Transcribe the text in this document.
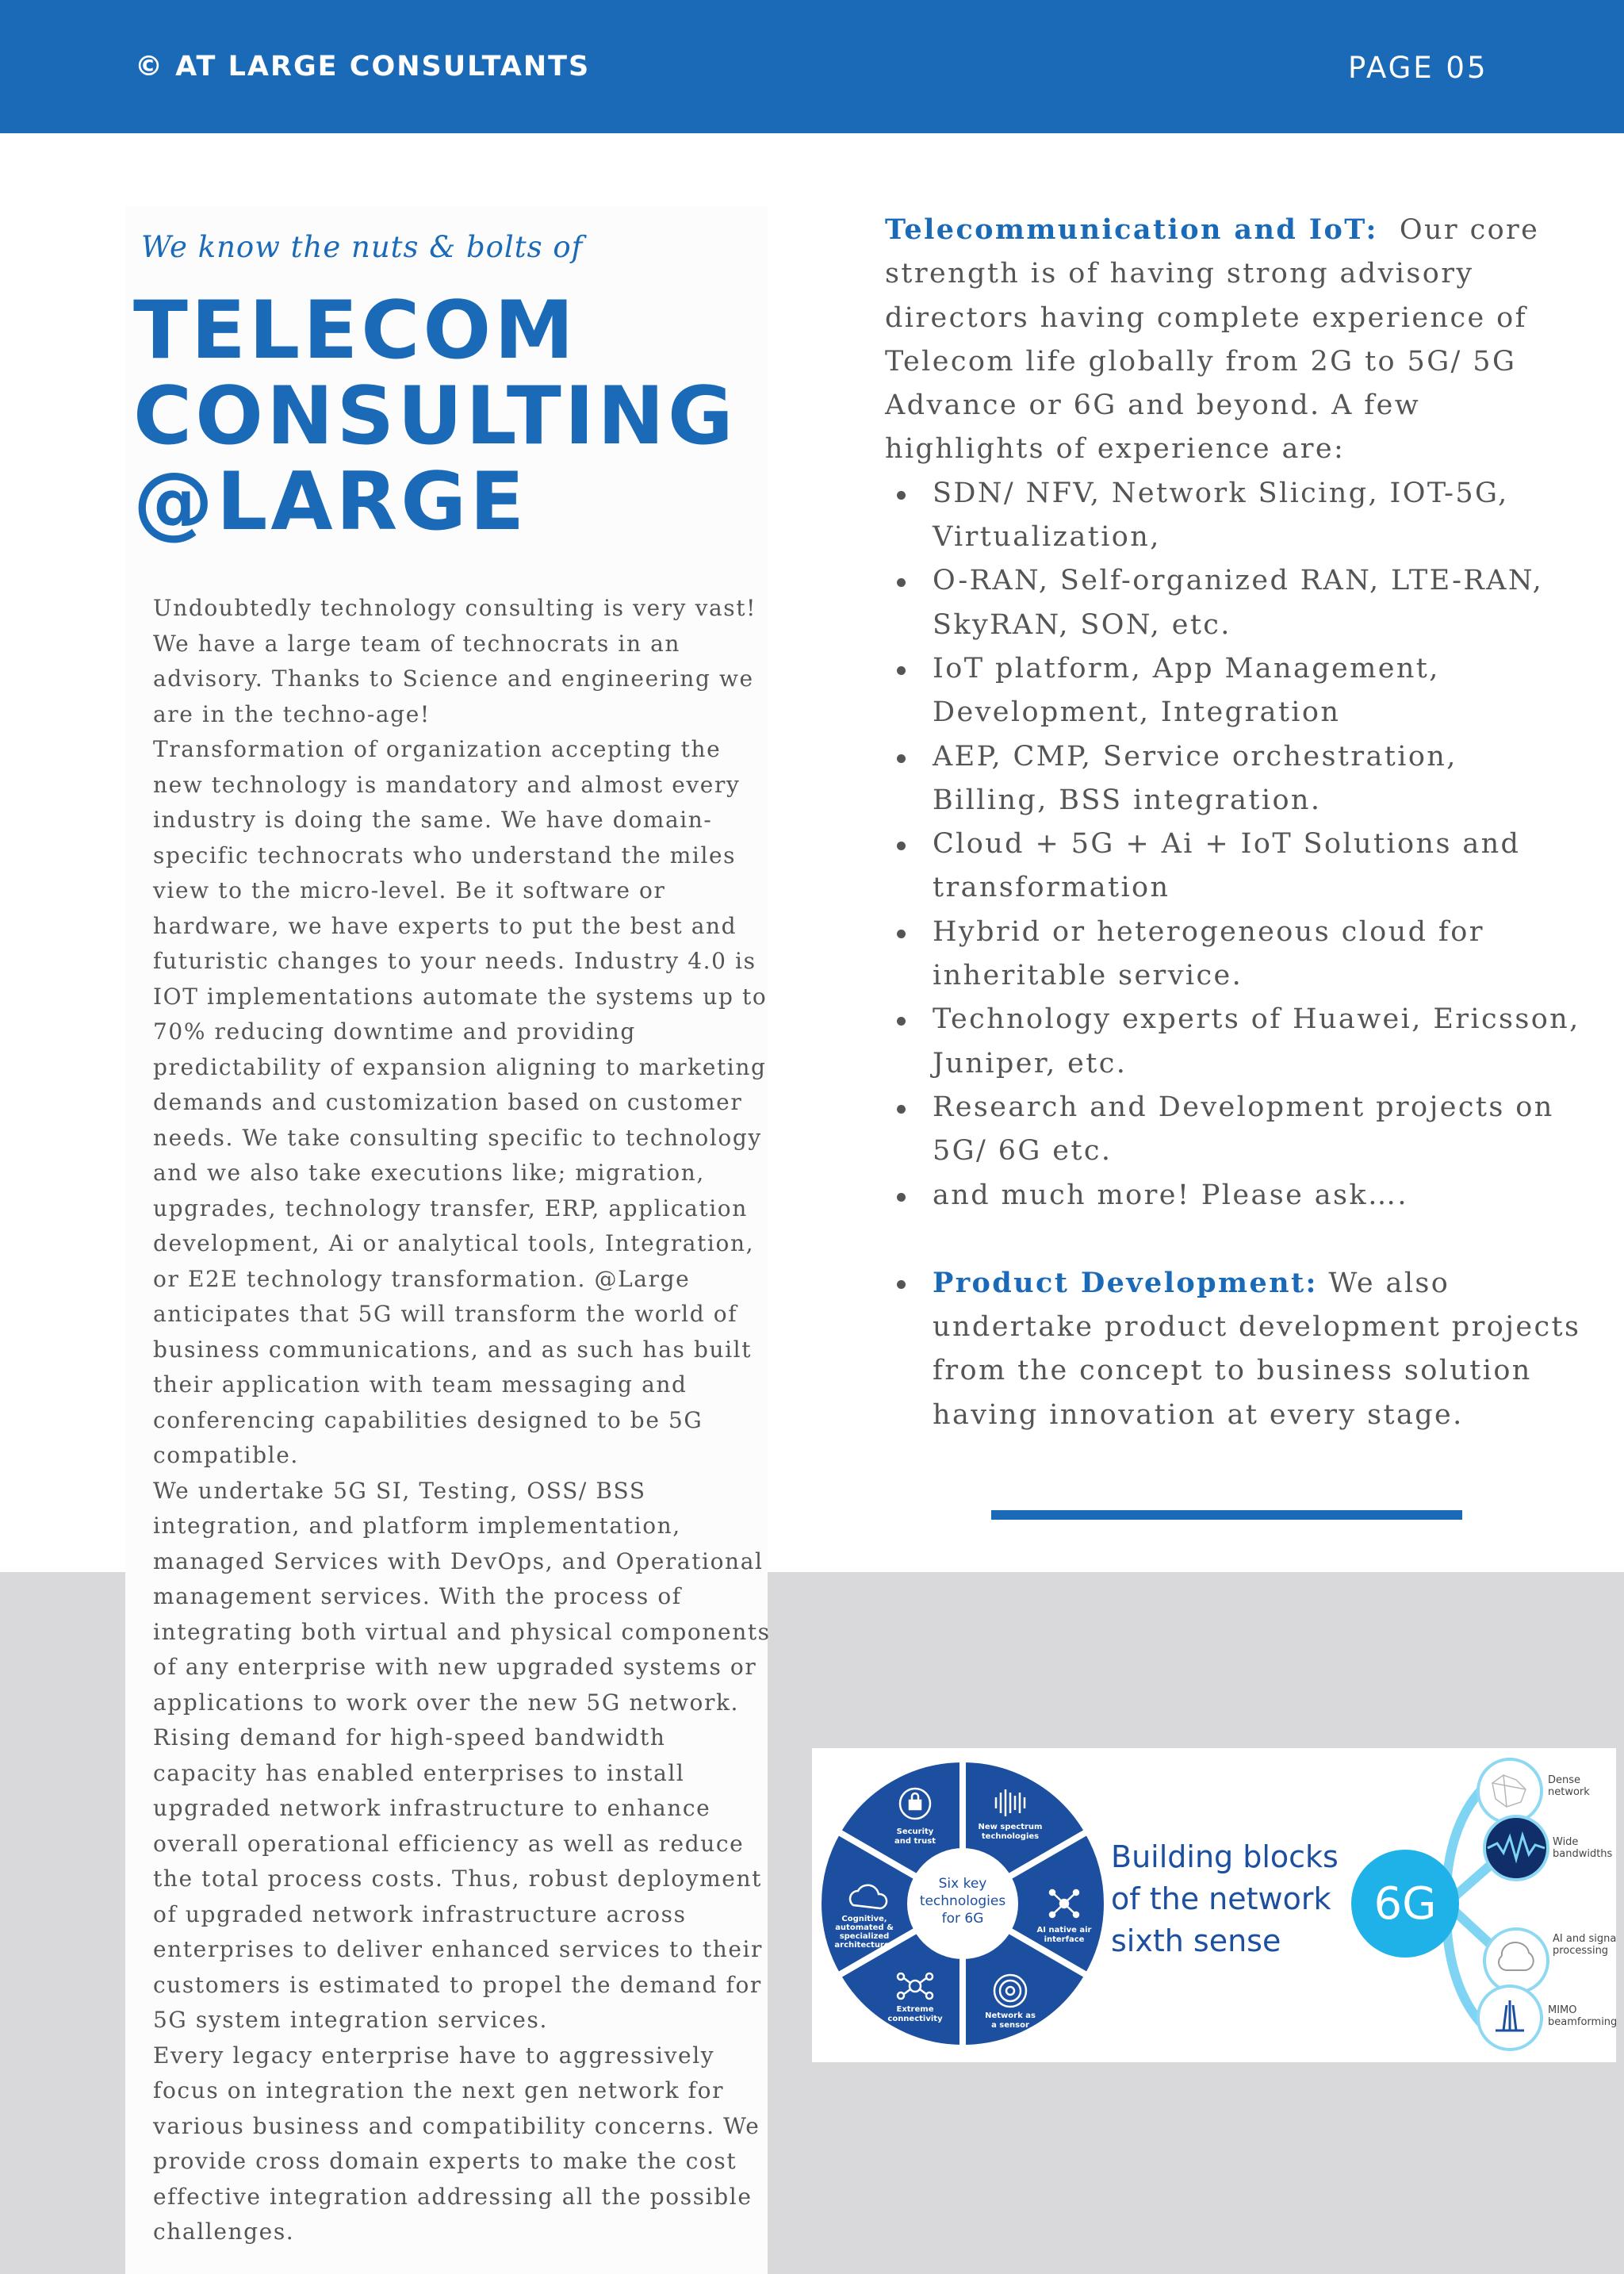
© AT LARGE CONSULTANTS	PAGE 05
We know the nuts & bolts of
TELECOM
CONSULTING
@LARGE

Undoubtedly technology consulting is very vast! We have a large team of technocrats in an advisory. Thanks to Science and engineering we are in the techno-age!

Transformation of organization accepting the new technology is mandatory and almost every industry is doing the same. We have domain-specific technocrats who understand the miles view to the micro-level. Be it software or hardware, we have experts to put the best and futuristic changes to your needs. Industry 4.0 is IOT implementations automate the systems up to 70% reducing downtime and providing predictability of expansion aligning to marketing demands and customization based on customer needs. We take consulting specific to technology and we also take executions like; migration, upgrades, technology transfer, ERP, application development, Ai or analytical tools, Integration, or E2E technology transformation. @Large anticipates that 5G will transform the world of business communications, and as such has built their application with team messaging and conferencing capabilities designed to be 5G compatible.

We undertake 5G SI, Testing, OSS/ BSS integration, and platform implementation, managed Services with DevOps, and Operational management services. With the process of integrating both virtual and physical components of any enterprise with new upgraded systems or applications to work over the new 5G network. Rising demand for high-speed bandwidth capacity has enabled enterprises to install upgraded network infrastructure to enhance overall operational efficiency as well as reduce the total process costs. Thus, robust deployment of upgraded network infrastructure across enterprises to deliver enhanced services to their customers is estimated to propel the demand for 5G system integration services.

Every legacy enterprise have to aggressively focus on integration the next gen network for various business and compatibility concerns. We provide cross domain experts to make the cost effective integration addressing all the possible challenges.

Telecommunication and IoT: Our core strength is of having strong advisory directors having complete experience of Telecom life globally from 2G to 5G/ 5G Advance or 6G and beyond. A few highlights of experience are:

SDN/ NFV, Network Slicing, IOT-5G, Virtualization,
O-RAN, Self-organized RAN, LTE-RAN, SkyRAN, SON, etc.
IoT platform, App Management, Development, Integration
AEP, CMP, Service orchestration, Billing, BSS integration.
Cloud + 5G + Ai + IoT Solutions and transformation
Hybrid or heterogeneous cloud for inheritable service.
Technology experts of Huawei, Ericsson, Juniper, etc.
Research and Development projects on 5G/ 6G etc.
and much more! Please ask….
Product Development: We also undertake product development projects from the concept to business solution having innovation at every stage.
Security and trust
New spectrum technologies
AI native air interface
Network as a sensor
Extreme connectivity
Cognitive, automated & specialized architectures
Six key technologies for 6G
Building blocks
of the network
sixth sense
6G
Dense network
Wide bandwidths
AI and signal processing
MIMO beamforming
